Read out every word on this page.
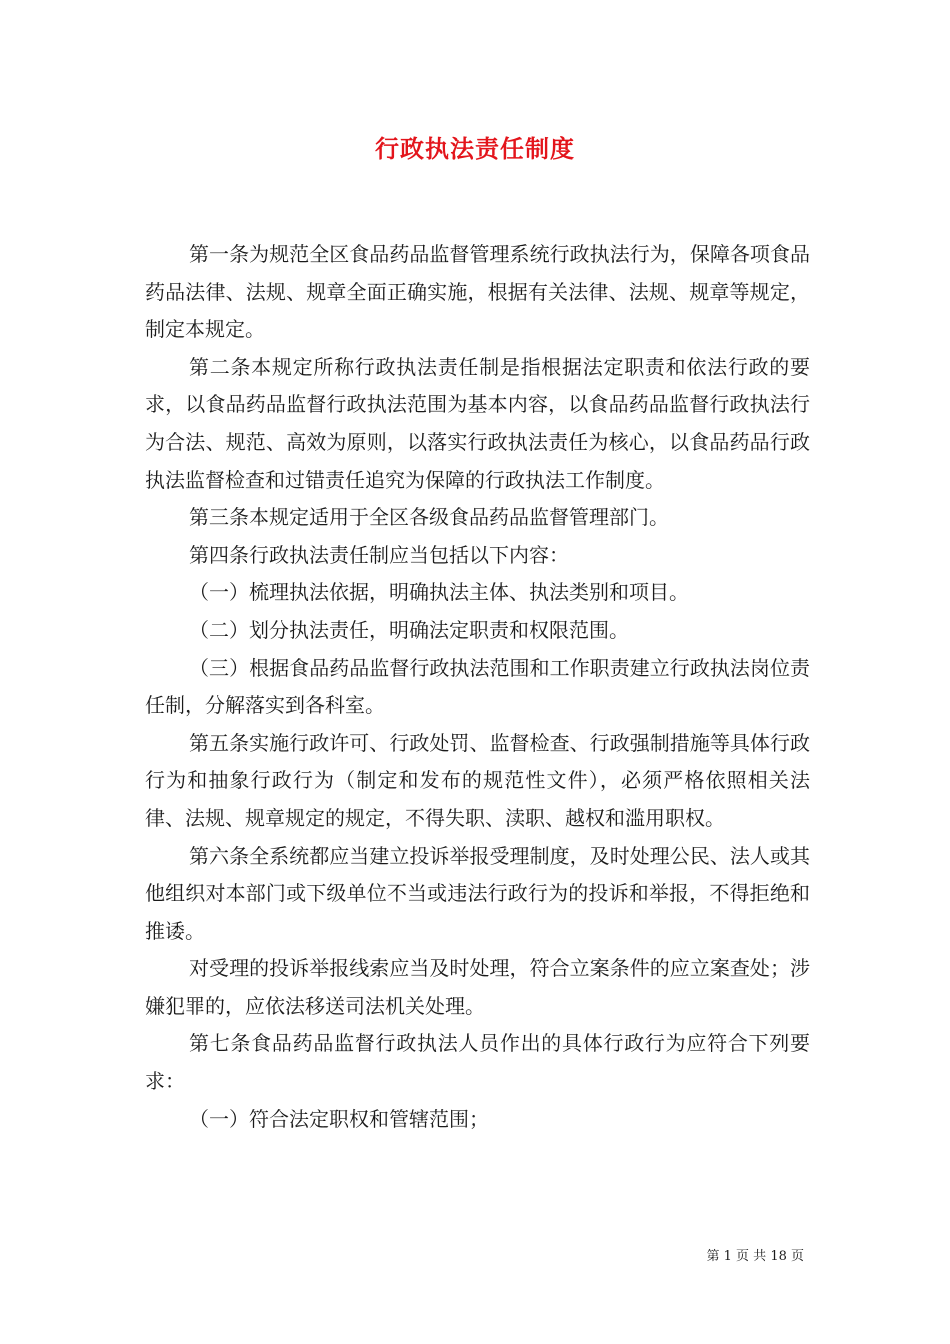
行政执法责任制度

第一条为规范全区食品药品监督管理系统行政执法行为，保障各项食品药品法律、法规、规章全面正确实施，根据有关法律、法规、规章等规定，制定本规定。

第二条本规定所称行政执法责任制是指根据法定职责和依法行政的要求，以食品药品监督行政执法范围为基本内容，以食品药品监督行政执法行为合法、规范、高效为原则，以落实行政执法责任为核心，以食品药品行政执法监督检查和过错责任追究为保障的行政执法工作制度。

第三条本规定适用于全区各级食品药品监督管理部门。

第四条行政执法责任制应当包括以下内容：

（一）梳理执法依据，明确执法主体、执法类别和项目。

（二）划分执法责任，明确法定职责和权限范围。

（三）根据食品药品监督行政执法范围和工作职责建立行政执法岗位责任制，分解落实到各科室。

第五条实施行政许可、行政处罚、监督检查、行政强制措施等具体行政行为和抽象行政行为（制定和发布的规范性文件），必须严格依照相关法律、法规、规章规定的规定，不得失职、渎职、越权和滥用职权。

第六条全系统都应当建立投诉举报受理制度，及时处理公民、法人或其他组织对本部门或下级单位不当或违法行政行为的投诉和举报，不得拒绝和推诿。

对受理的投诉举报线索应当及时处理，符合立案条件的应立案查处；涉嫌犯罪的，应依法移送司法机关处理。

第七条食品药品监督行政执法人员作出的具体行政行为应符合下列要求：

（一）符合法定职权和管辖范围；

第 1 页 共 18 页
